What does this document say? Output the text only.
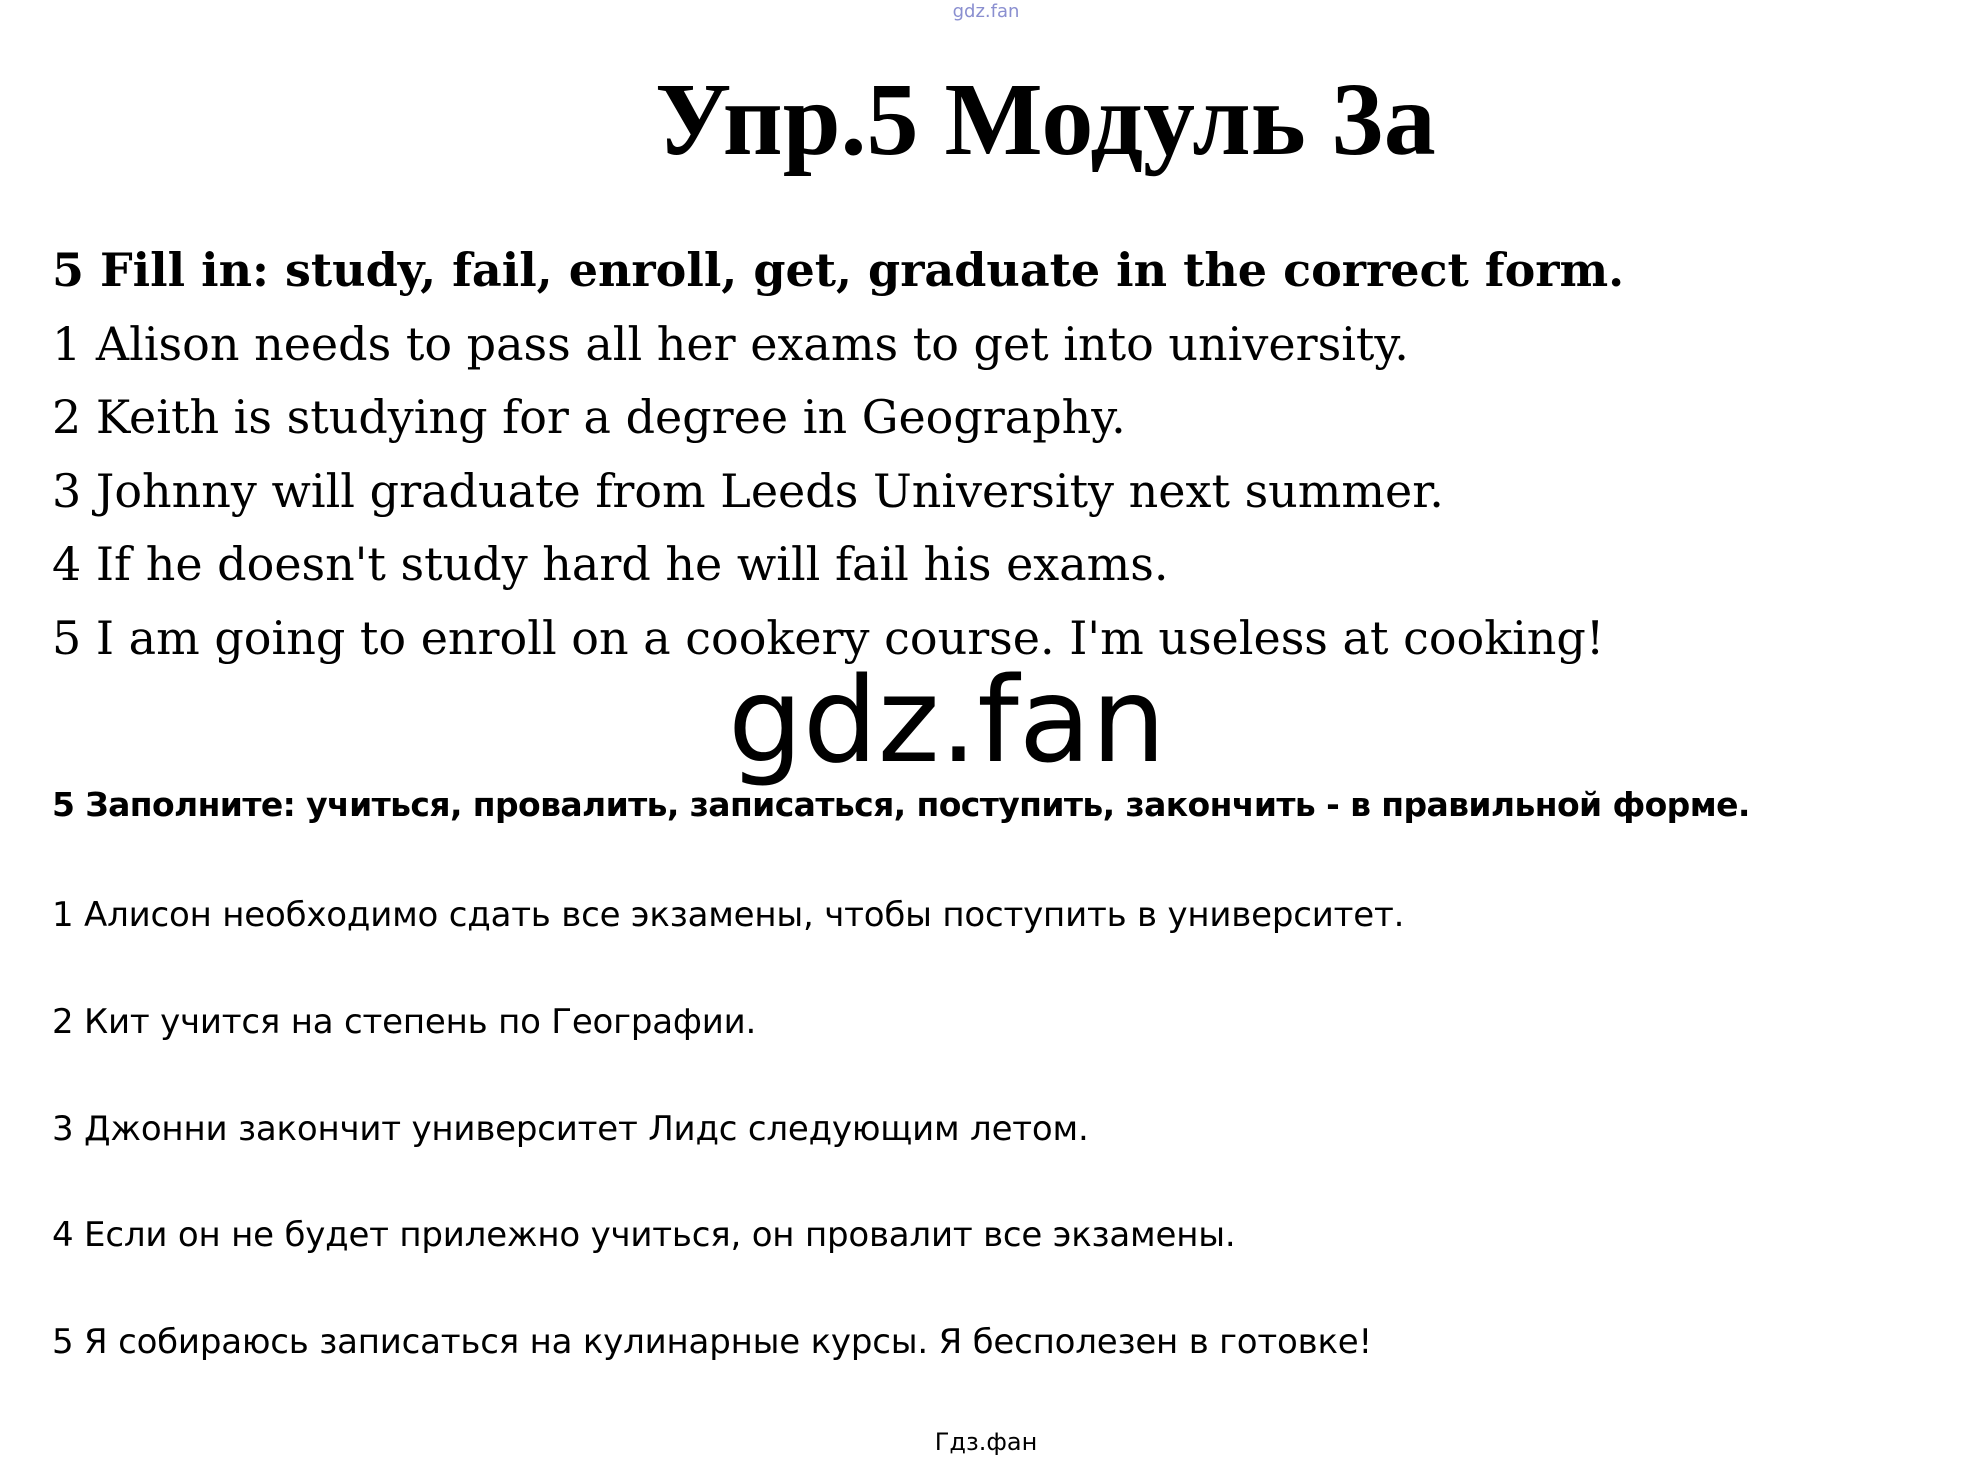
gdz.fan
Упр.5 Модуль 3а
5 Fill in: study, fail, enroll, get, graduate in the correct form.
1 Alison needs to pass all her exams to get into university.
2 Keith is studying for a degree in Geography.
3 Johnny will graduate from Leeds University next summer.
4 If he doesn't study hard he will fail his exams.
5 I am going to enroll on a cookery course. I'm useless at cooking!
gdz.fan
5 Заполните: учиться, провалить, записаться, поступить, закончить - в правильной форме.
1 Алисон необходимо сдать все экзамены, чтобы поступить в университет.
2 Кит учится на степень по Географии.
3 Джонни закончит университет Лидс следующим летом.
4 Если он не будет прилежно учиться, он провалит все экзамены.
5 Я собираюсь записаться на кулинарные курсы. Я бесполезен в готовке!
Гдз.фан
